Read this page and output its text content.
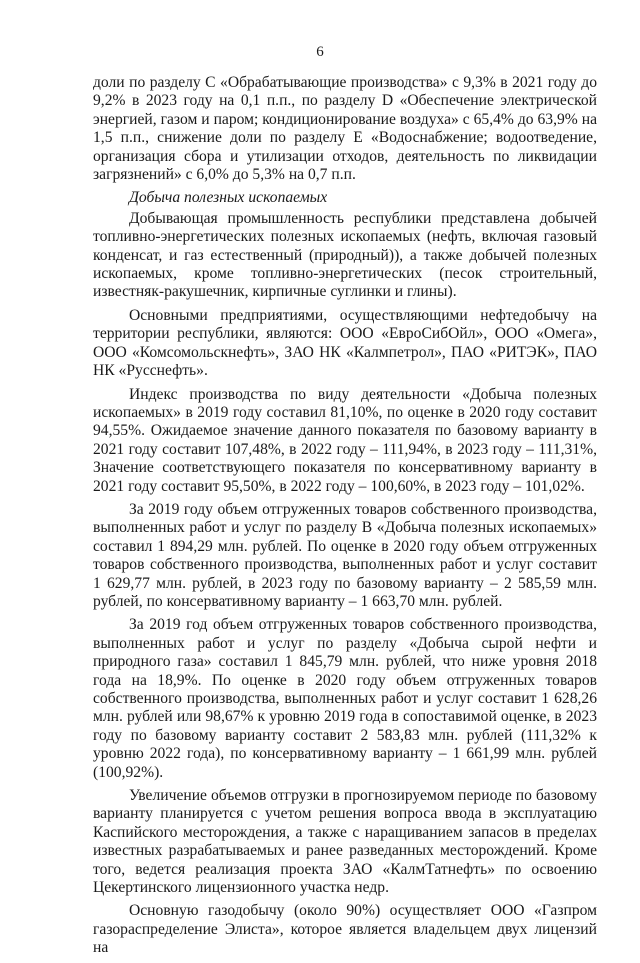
6

доли по разделу С «Обрабатывающие производства» с 9,3% в 2021 году до 9,2% в 2023 году на 0,1 п.п., по разделу D «Обеспечение электрической энергией, газом и паром; кондиционирование воздуха» с 65,4% до 63,9% на 1,5 п.п., снижение доли по разделу Е «Водоснабжение; водоотведение, организация сбора и утилизации отходов, деятельность по ликвидации загрязнений» с 6,0% до 5,3% на 0,7 п.п.

Добыча полезных ископаемых

Добывающая промышленность республики представлена добычей топливно-энергетических полезных ископаемых (нефть, включая газовый конденсат, и газ естественный (природный)), а также добычей полезных ископаемых, кроме топливно-энергетических (песок строительный, известняк-ракушечник, кирпичные суглинки и глины).

Основными предприятиями, осуществляющими нефтедобычу на территории республики, являются: ООО «ЕвроСибОйл», ООО «Омега», ООО «Комсомольскнефть», ЗАО НК «Калмпетрол», ПАО «РИТЭК», ПАО НК «Русснефть».

Индекс производства по виду деятельности «Добыча полезных ископаемых» в 2019 году составил 81,10%, по оценке в 2020 году составит 94,55%. Ожидаемое значение данного показателя по базовому варианту в 2021 году составит 107,48%, в 2022 году – 111,94%, в 2023 году – 111,31%, Значение соответствующего показателя по консервативному варианту в 2021 году составит 95,50%, в 2022 году – 100,60%, в 2023 году – 101,02%.

За 2019 году объем отгруженных товаров собственного производства, выполненных работ и услуг по разделу В «Добыча полезных ископаемых» составил 1 894,29 млн. рублей. По оценке в 2020 году объем отгруженных товаров собственного производства, выполненных работ и услуг составит 1 629,77 млн. рублей, в 2023 году по базовому варианту – 2 585,59 млн. рублей, по консервативному варианту – 1 663,70 млн. рублей.

За 2019 год объем отгруженных товаров собственного производства, выполненных работ и услуг по разделу «Добыча сырой нефти и природного газа» составил 1 845,79 млн. рублей, что ниже уровня 2018 года на 18,9%. По оценке в 2020 году объем отгруженных товаров собственного производства, выполненных работ и услуг составит 1 628,26 млн. рублей или 98,67% к уровню 2019 года в сопоставимой оценке, в 2023 году по базовому варианту составит 2 583,83 млн. рублей (111,32% к уровню 2022 года), по консервативному варианту – 1 661,99 млн. рублей (100,92%).

Увеличение объемов отгрузки в прогнозируемом периоде по базовому варианту планируется с учетом решения вопроса ввода в эксплуатацию Каспийского месторождения, а также с наращиванием запасов в пределах известных разрабатываемых и ранее разведанных месторождений. Кроме того, ведется реализация проекта ЗАО «КалмТатнефть» по освоению Цекертинского лицензионного участка недр.

Основную газодобычу (около 90%) осуществляет ООО «Газпром газораспределение Элиста», которое является владельцем двух лицензий на
